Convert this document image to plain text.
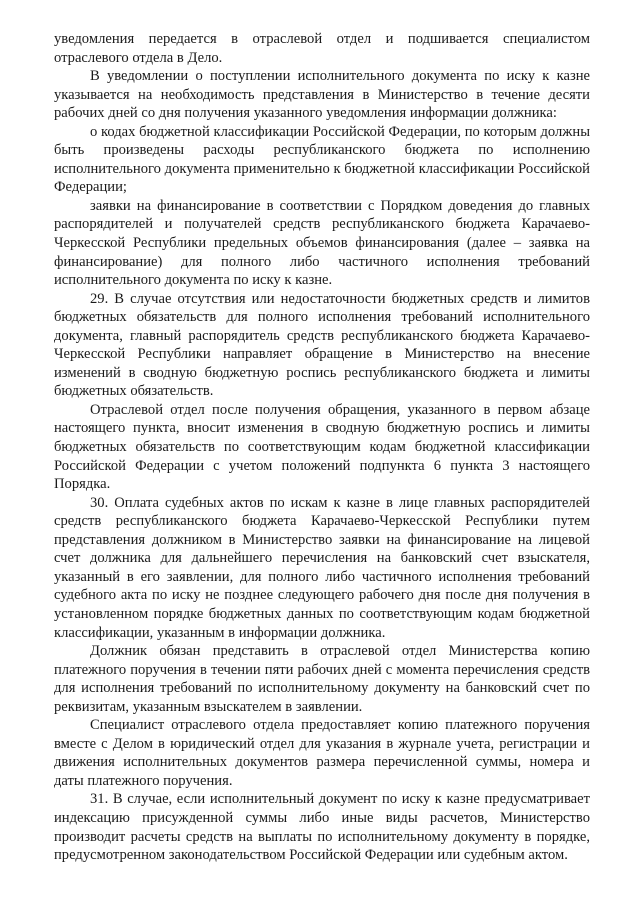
уведомления передается в отраслевой отдел и подшивается специалистом отраслевого отдела в Дело.

В уведомлении о поступлении исполнительного документа по иску к казне указывается на необходимость представления в Министерство в течение десяти рабочих дней со дня получения указанного уведомления информации должника:

о кодах бюджетной классификации Российской Федерации, по которым должны быть произведены расходы республиканского бюджета по исполнению исполнительного документа применительно к бюджетной классификации Российской Федерации;

заявки на финансирование в соответствии с Порядком доведения до главных распорядителей и получателей средств республиканского бюджета Карачаево-Черкесской Республики предельных объемов финансирования (далее – заявка на финансирование) для полного либо частичного исполнения требований исполнительного документа по иску к казне.

29. В случае отсутствия или недостаточности бюджетных средств и лимитов бюджетных обязательств для полного исполнения требований исполнительного документа, главный распорядитель средств республиканского бюджета Карачаево-Черкесской Республики направляет обращение в Министерство на внесение изменений в сводную бюджетную роспись республиканского бюджета и лимиты бюджетных обязательств.

Отраслевой отдел после получения обращения, указанного в первом абзаце настоящего пункта, вносит изменения в сводную бюджетную роспись и лимиты бюджетных обязательств по соответствующим кодам бюджетной классификации Российской Федерации с учетом положений подпункта 6 пункта 3 настоящего Порядка.

30. Оплата судебных актов по искам к казне в лице главных распорядителей средств республиканского бюджета Карачаево-Черкесской Республики путем представления должником в Министерство заявки на финансирование на лицевой счет должника для дальнейшего перечисления на банковский счет взыскателя, указанный в его заявлении, для полного либо частичного исполнения требований судебного акта по иску не позднее следующего рабочего дня после дня получения в установленном порядке бюджетных данных по соответствующим кодам бюджетной классификации, указанным в информации должника.

Должник обязан представить в отраслевой отдел Министерства копию платежного поручения в течении пяти рабочих дней с момента перечисления средств для исполнения требований по исполнительному документу на банковский счет по реквизитам, указанным взыскателем в заявлении.

Специалист отраслевого отдела предоставляет копию платежного поручения вместе с Делом в юридический отдел для указания в журнале учета, регистрации и движения исполнительных документов размера перечисленной суммы, номера и даты платежного поручения.

31. В случае, если исполнительный документ по иску к казне предусматривает индексацию присужденной суммы либо иные виды расчетов, Министерство производит расчеты средств на выплаты по исполнительному документу в порядке, предусмотренном законодательством Российской Федерации или судебным актом.
